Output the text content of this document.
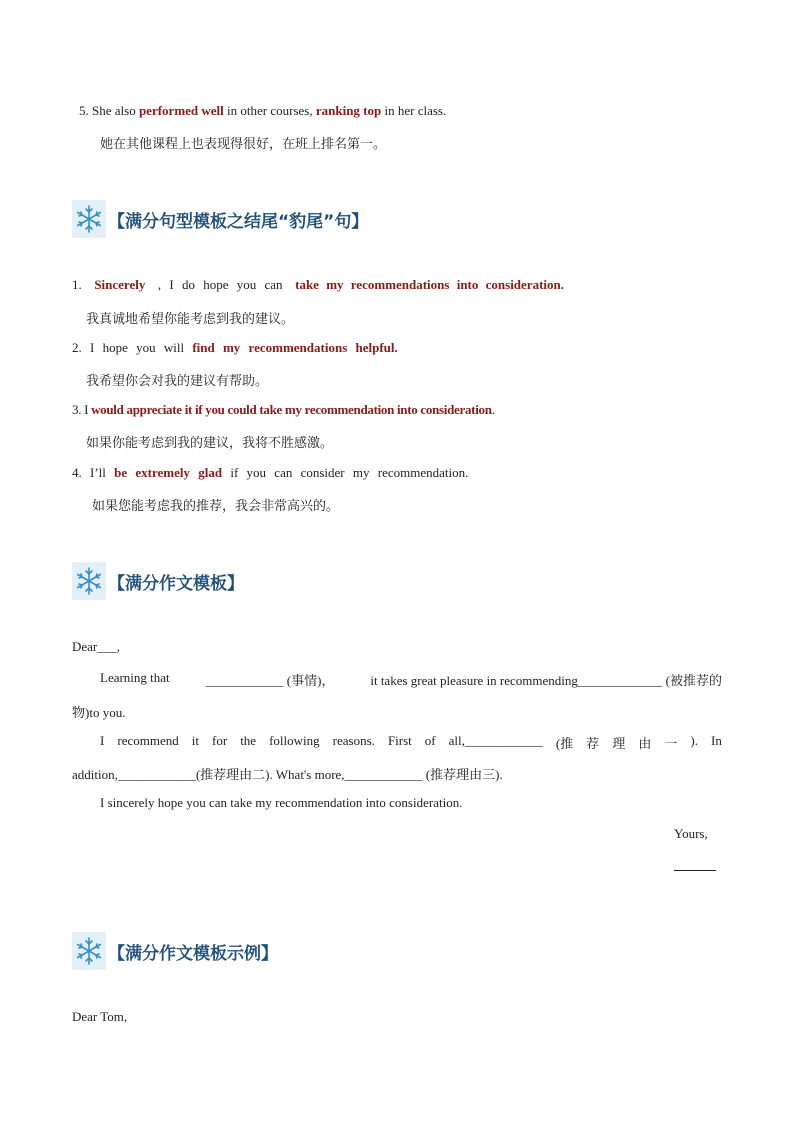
5. She also performed well in other courses, ranking top in her class.
她在其他课程上也表现得很好，在班上排名第一。
【满分句型模板之结尾“豹尾”句】
1. Sincerely , I do hope you can take my recommendations into consideration.
我真诚地希望你能考虑到我的建议。
2. I hope you will find my recommendations helpful.
我希望你会对我的建议有帮助。
3. I would appreciate it if you could take my recommendation into consideration.
如果你能考虑到我的建议，我将不胜感激。
4. I’ll be extremely glad if you can consider my recommendation.
如果您能考虑我的推荐，我会非常高兴的。
【满分作文模板】
Dear___,
Learning that	____________ (事情)，	it takes great pleasure in recommending_____________ (被推荐的
物)to you.
I recommend it for the following reasons. First of all,____________ (推 荐 理 由 一 ). In
addition,____________(推荐理由二). What's more,____________ (推荐理由三).
I sincerely hope you can take my recommendation into consideration.
Yours,
【满分作文模板示例】
Dear Tom,
